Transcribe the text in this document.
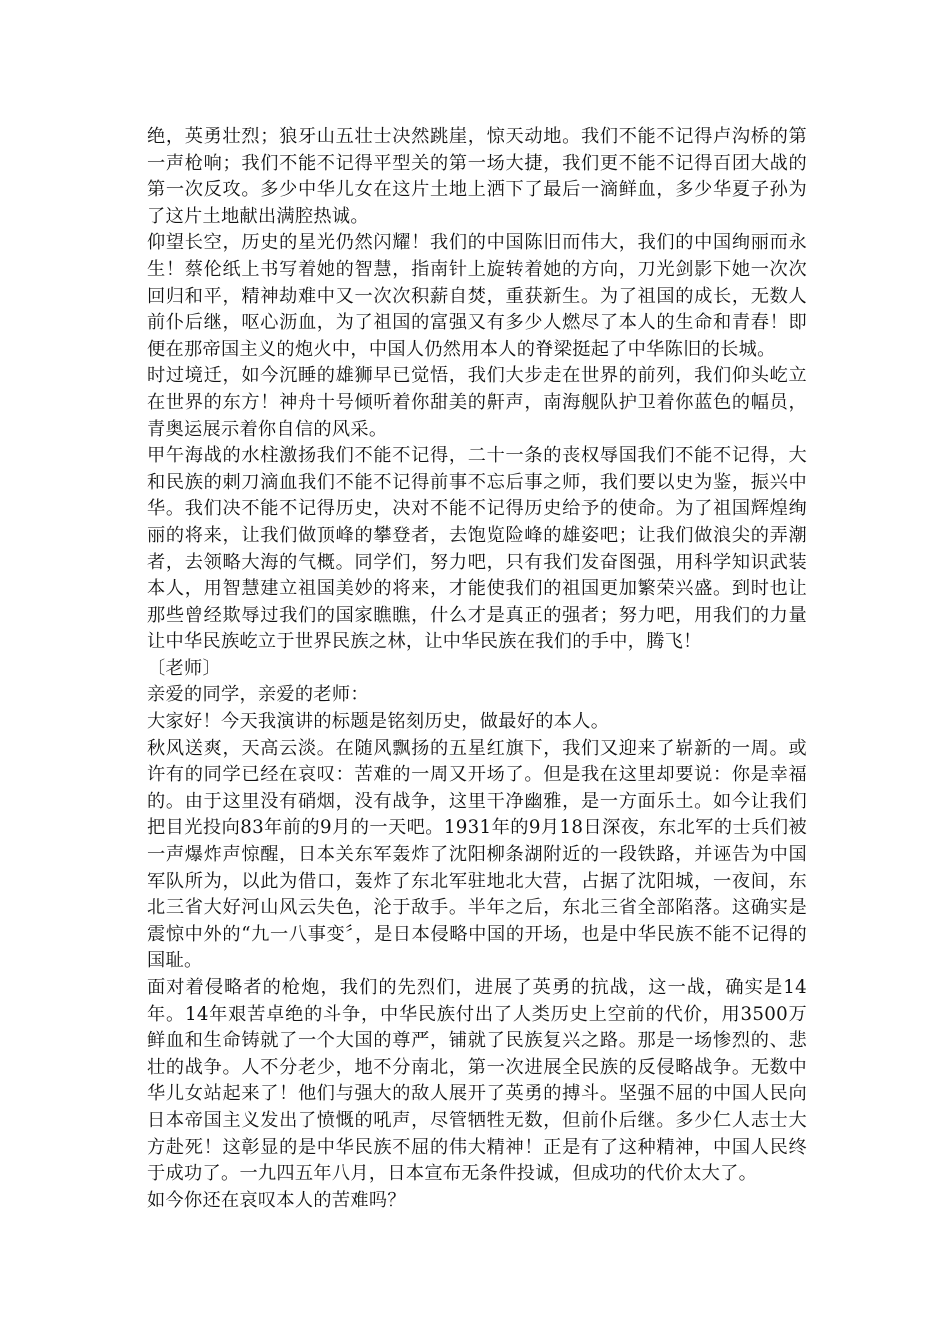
绝，英勇壮烈；狼牙山五壮士决然跳崖，惊天动地。我们不能不记得卢沟桥的第一声枪响；我们不能不记得平型关的第一场大捷，我们更不能不记得百团大战的第一次反攻。多少中华儿女在这片土地上洒下了最后一滴鲜血，多少华夏子孙为了这片土地献出满腔热诚。

仰望长空，历史的星光仍然闪耀！我们的中国陈旧而伟大，我们的中国绚丽而永生！蔡伦纸上书写着她的智慧，指南针上旋转着她的方向，刀光剑影下她一次次回归和平，精神劫难中又一次次积薪自焚，重获新生。为了祖国的成长，无数人前仆后继，呕心沥血，为了祖国的富强又有多少人燃尽了本人的生命和青春！即便在那帝国主义的炮火中，中国人仍然用本人的脊梁挺起了中华陈旧的长城。

时过境迁，如今沉睡的雄狮早已觉悟，我们大步走在世界的前列，我们仰头屹立在世界的东方！神舟十号倾听着你甜美的鼾声，南海舰队护卫着你蓝色的幅员，青奥运展示着你自信的风采。

甲午海战的水柱激扬我们不能不记得，二十一条的丧权辱国我们不能不记得，大和民族的刺刀滴血我们不能不记得前事不忘后事之师，我们要以史为鉴，振兴中华。我们决不能不记得历史，决对不能不记得历史给予的使命。为了祖国辉煌绚丽的将来，让我们做顶峰的攀登者，去饱览险峰的雄姿吧；让我们做浪尖的弄潮者，去领略大海的气概。同学们，努力吧，只有我们发奋图强，用科学知识武装本人，用智慧建立祖国美妙的将来，才能使我们的祖国更加繁荣兴盛。到时也让那些曾经欺辱过我们的国家瞧瞧，什么才是真正的强者；努力吧，用我们的力量让中华民族屹立于世界民族之林，让中华民族在我们的手中，腾飞！

〔老师〕

亲爱的同学，亲爱的老师：

大家好！今天我演讲的标题是铭刻历史，做最好的本人。

秋风送爽，天高云淡。在随风飘扬的五星红旗下，我们又迎来了崭新的一周。或许有的同学已经在哀叹：苦难的一周又开场了。但是我在这里却要说：你是幸福的。由于这里没有硝烟，没有战争，这里干净幽雅，是一方面乐土。如今让我们把目光投向83年前的9月的一天吧。1931年的9月18日深夜，东北军的士兵们被一声爆炸声惊醒，日本关东军轰炸了沈阳柳条湖附近的一段铁路，并诬告为中国军队所为，以此为借口，轰炸了东北军驻地北大营，占据了沈阳城，一夜间，东北三省大好河山风云失色，沦于敌手。半年之后，东北三省全部陷落。这确实是震惊中外的“九一八事变〞，是日本侵略中国的开场，也是中华民族不能不记得的国耻。

面对着侵略者的枪炮，我们的先烈们，进展了英勇的抗战，这一战，确实是14年。14年艰苦卓绝的斗争，中华民族付出了人类历史上空前的代价，用3500万鲜血和生命铸就了一个大国的尊严，铺就了民族复兴之路。那是一场惨烈的、悲壮的战争。人不分老少，地不分南北，第一次进展全民族的反侵略战争。无数中华儿女站起来了！他们与强大的敌人展开了英勇的搏斗。坚强不屈的中国人民向日本帝国主义发出了愤慨的吼声，尽管牺牲无数，但前仆后继。多少仁人志士大方赴死！这彰显的是中华民族不屈的伟大精神！正是有了这种精神，中国人民终于成功了。一九四五年八月，日本宣布无条件投诚，但成功的代价太大了。

如今你还在哀叹本人的苦难吗？
